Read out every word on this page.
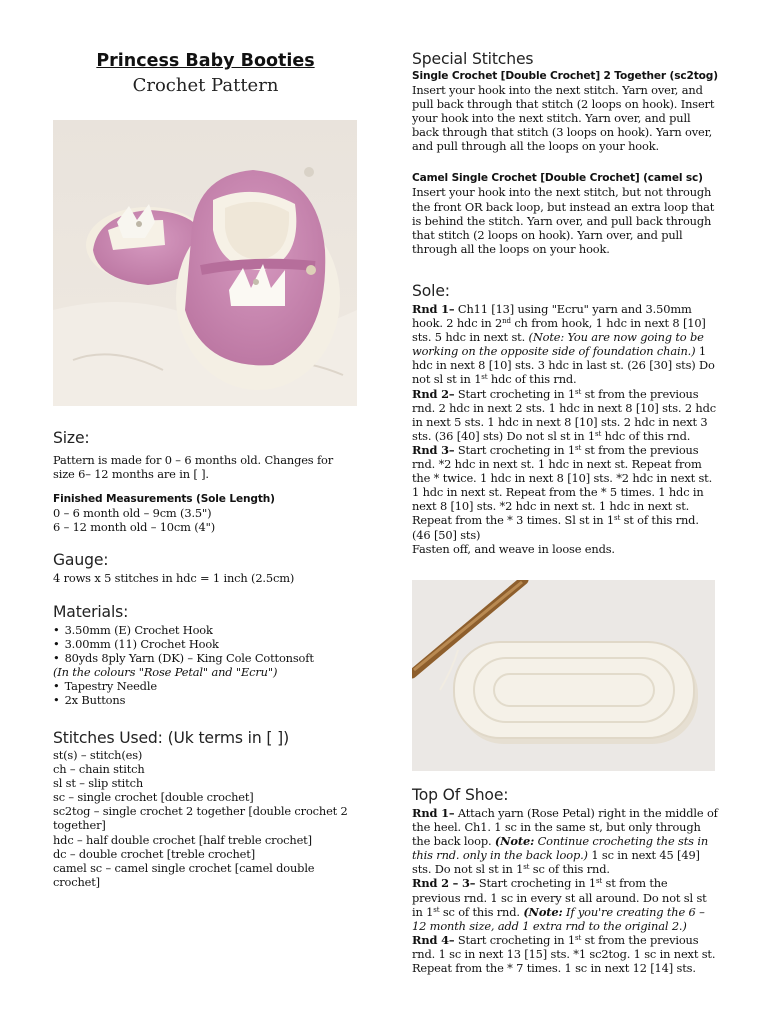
Princess Baby Booties
Crochet Pattern
Size:

Pattern is made for 0 – 6 months old. Changes for size 6– 12 months are in [ ].

Finished Measurements (Sole Length)

0 – 6 month old – 9cm (3.5")

6 – 12 month old – 10cm (4")

Gauge:

4 rows x 5 stitches in hdc = 1 inch (2.5cm)

Materials:
• 3.50mm (E) Crochet Hook
• 3.00mm (11) Crochet Hook
• 80yds 8ply Yarn (DK) – King Cole Cottonsoft

(In the colours "Rose Petal" and "Ecru")

• Tapestry Needle
• 2x Buttons
Stitches Used: (Uk terms in [ ])

st(s) – stitch(es)

ch – chain stitch

sl st – slip stitch

sc – single crochet [double crochet]

sc2tog – single crochet 2 together [double crochet 2 together]

hdc – half double crochet [half treble crochet]

dc – double crochet [treble crochet]

camel sc – camel single crochet [camel double crochet]

Special Stitches

Single Crochet [Double Crochet] 2 Together (sc2tog)

Insert your hook into the next stitch. Yarn over, and pull back through that stitch (2 loops on hook). Insert your hook into the next stitch. Yarn over, and pull back through that stitch (3 loops on hook). Yarn over, and pull through all the loops on your hook.

Camel Single Crochet [Double Crochet] (camel sc)

Insert your hook into the next stitch, but not through the front OR back loop, but instead an extra loop that is behind the stitch. Yarn over, and pull back through that stitch (2 loops on hook). Yarn over, and pull through all the loops on your hook.

Sole:

Rnd 1– Ch11 [13] using "Ecru" yarn and 3.50mm hook. 2 hdc in 2nd ch from hook, 1 hdc in next 8 [10] sts. 5 hdc in next st. (Note: You are now going to be working on the opposite side of foundation chain.) 1 hdc in next 8 [10] sts. 3 hdc in last st. (26 [30] sts) Do not sl st in 1st hdc of this rnd.

Rnd 2– Start crocheting in 1st st from the previous rnd. 2 hdc in next 2 sts. 1 hdc in next 8 [10] sts. 2 hdc in next 5 sts. 1 hdc in next 8 [10] sts. 2 hdc in next 3 sts. (36 [40] sts) Do not sl st in 1st hdc of this rnd.

Rnd 3– Start crocheting in 1st st from the previous rnd. *2 hdc in next st. 1 hdc in next st. Repeat from the * twice. 1 hdc in next 8 [10] sts. *2 hdc in next st. 1 hdc in next st. Repeat from the * 5 times. 1 hdc in next 8 [10] sts. *2 hdc in next st. 1 hdc in next st. Repeat from the * 3 times. Sl st in 1st st of this rnd. (46 [50] sts)

Fasten off, and weave in loose ends.

Top Of Shoe:

Rnd 1– Attach yarn (Rose Petal) right in the middle of the heel. Ch1. 1 sc in the same st, but only through the back loop. (Note: Continue crocheting the sts in this rnd. only in the back loop.) 1 sc in next 45 [49] sts. Do not sl st in 1st sc of this rnd.

Rnd 2 – 3– Start crocheting in 1st st from the previous rnd. 1 sc in every st all around. Do not sl st in 1st sc of this rnd. (Note: If you're creating the 6 – 12 month size, add 1 extra rnd to the original 2.)

Rnd 4– Start crocheting in 1st st from the previous rnd. 1 sc in next 13 [15] sts. *1 sc2tog. 1 sc in next st. Repeat from the * 7 times. 1 sc in next 12 [14] sts.
